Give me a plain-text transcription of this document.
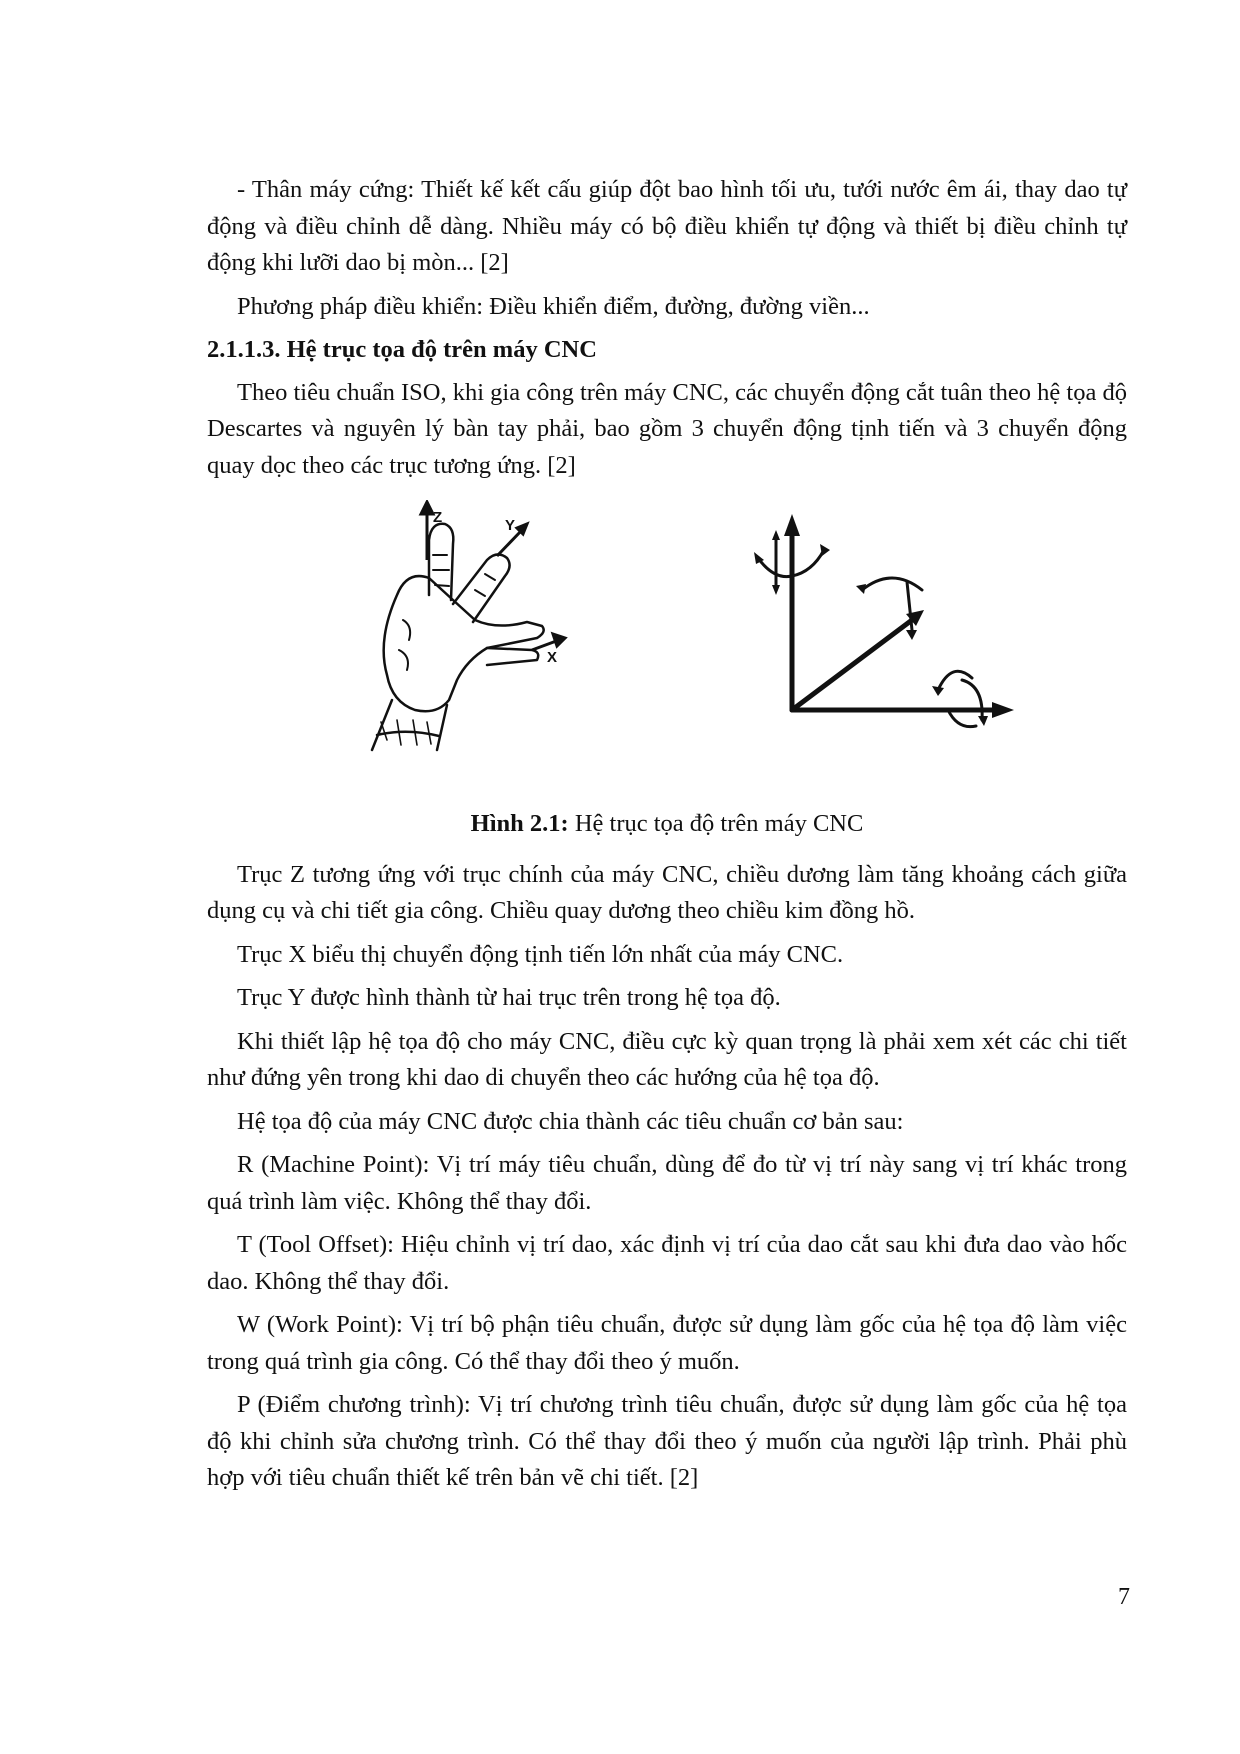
- Thân máy cứng: Thiết kế kết cấu giúp đột bao hình tối ưu, tưới nước êm ái, thay dao tự động và điều chỉnh dễ dàng. Nhiều máy có bộ điều khiển tự động và thiết bị điều chỉnh tự động khi lưỡi dao bị mòn... [2]

Phương pháp điều khiển: Điều khiển điểm, đường, đường viền...

2.1.1.3. Hệ trục tọa độ trên máy CNC

Theo tiêu chuẩn ISO, khi gia công trên máy CNC, các chuyển động cắt tuân theo hệ tọa độ Descartes và nguyên lý bàn tay phải, bao gồm 3 chuyển động tịnh tiến và 3 chuyển động quay dọc theo các trục tương ứng. [2]

Z	Y
X

Hình 2.1: Hệ trục tọa độ trên máy CNC

Trục Z tương ứng với trục chính của máy CNC, chiều dương làm tăng khoảng cách giữa dụng cụ và chi tiết gia công. Chiều quay dương theo chiều kim đồng hồ.

Trục X biểu thị chuyển động tịnh tiến lớn nhất của máy CNC.

Trục Y được hình thành từ hai trục trên trong hệ tọa độ.

Khi thiết lập hệ tọa độ cho máy CNC, điều cực kỳ quan trọng là phải xem xét các chi tiết như đứng yên trong khi dao di chuyển theo các hướng của hệ tọa độ.

Hệ tọa độ của máy CNC được chia thành các tiêu chuẩn cơ bản sau:

R (Machine Point): Vị trí máy tiêu chuẩn, dùng để đo từ vị trí này sang vị trí khác trong quá trình làm việc. Không thể thay đổi.

T (Tool Offset): Hiệu chỉnh vị trí dao, xác định vị trí của dao cắt sau khi đưa dao vào hốc dao. Không thể thay đổi.

W (Work Point): Vị trí bộ phận tiêu chuẩn, được sử dụng làm gốc của hệ tọa độ làm việc trong quá trình gia công. Có thể thay đổi theo ý muốn.

P (Điểm chương trình): Vị trí chương trình tiêu chuẩn, được sử dụng làm gốc của hệ tọa độ khi chỉnh sửa chương trình. Có thể thay đổi theo ý muốn của người lập trình. Phải phù hợp với tiêu chuẩn thiết kế trên bản vẽ chi tiết. [2]

7
